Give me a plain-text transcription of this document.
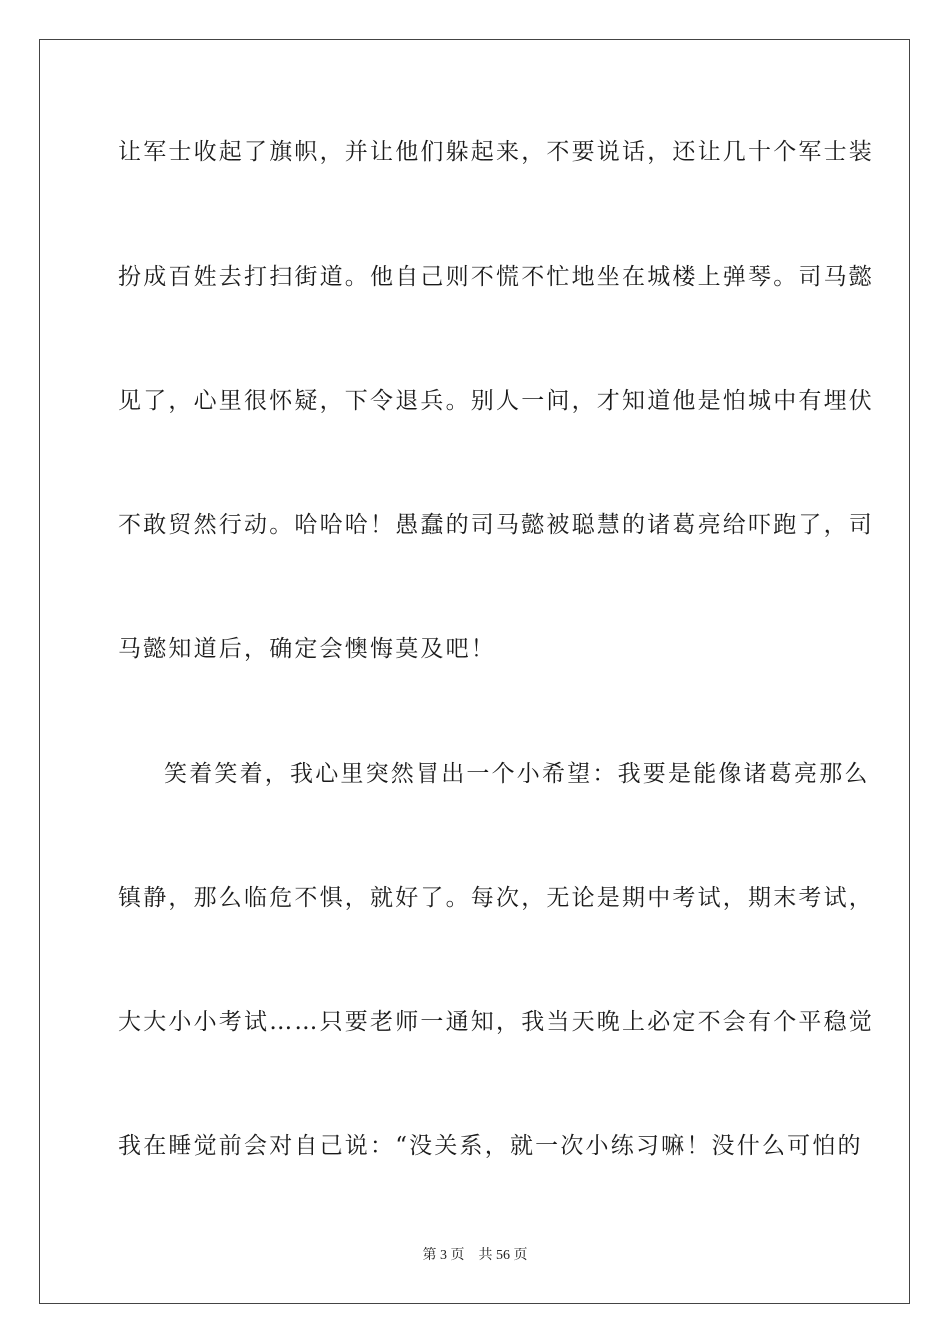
让军士收起了旗帜，并让他们躲起来，不要说话，还让几十个军士装
扮成百姓去打扫街道。他自己则不慌不忙地坐在城楼上弹琴。司马懿
见了，心里很怀疑，下令退兵。别人一问，才知道他是怕城中有埋伏
不敢贸然行动。哈哈哈！愚蠢的司马懿被聪慧的诸葛亮给吓跑了，司
马懿知道后，确定会懊悔莫及吧！
笑着笑着，我心里突然冒出一个小希望：我要是能像诸葛亮那么
镇静，那么临危不惧，就好了。每次，无论是期中考试，期末考试，
大大小小考试……只要老师一通知，我当天晚上必定不会有个平稳觉
我在睡觉前会对自己说：“没关系，就一次小练习嘛！没什么可怕的
第 3 页 共 56 页
